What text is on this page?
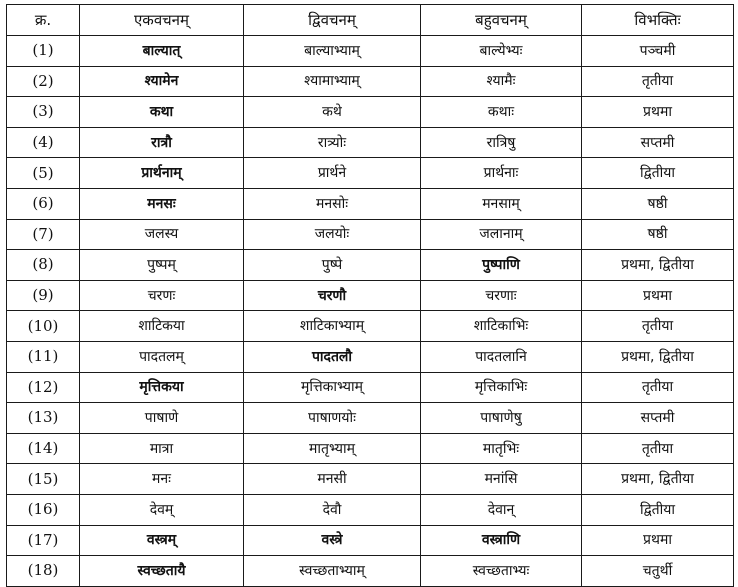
क्र.	एकवचनम्	द्विवचनम्	बहुवचनम्	विभक्तिः
(1)	बाल्यात्	बाल्याभ्याम्	बाल्येभ्यः	पञ्चमी
(2)	श्यामेन	श्यामाभ्याम्	श्यामैः	तृतीया
(3)	कथा	कथे	कथाः	प्रथमा
(4)	रात्रौ	रात्र्योः	रात्रिषु	सप्तमी
(5)	प्रार्थनाम्	प्रार्थने	प्रार्थनाः	द्वितीया
(6)	मनसः	मनसोः	मनसाम्	षष्ठी
(7)	जलस्य	जलयोः	जलानाम्	षष्ठी
(8)	पुष्पम्	पुष्पे	पुष्पाणि	प्रथमा, द्वितीया
(9)	चरणः	चरणौ	चरणाः	प्रथमा
(10)	शाटिकया	शाटिकाभ्याम्	शाटिकाभिः	तृतीया
(11)	पादतलम्	पादतलौ	पादतलानि	प्रथमा, द्वितीया
(12)	मृत्तिकया	मृत्तिकाभ्याम्	मृत्तिकाभिः	तृतीया
(13)	पाषाणे	पाषाणयोः	पाषाणेषु	सप्तमी
(14)	मात्रा	मातृभ्याम्	मातृभिः	तृतीया
(15)	मनः	मनसी	मनांसि	प्रथमा, द्वितीया
(16)	देवम्	देवौ	देवान्	द्वितीया
(17)	वस्त्रम्	वस्त्रे	वस्त्राणि	प्रथमा
(18)	स्वच्छतायै	स्वच्छताभ्याम्	स्वच्छताभ्यः	चतुर्थी
